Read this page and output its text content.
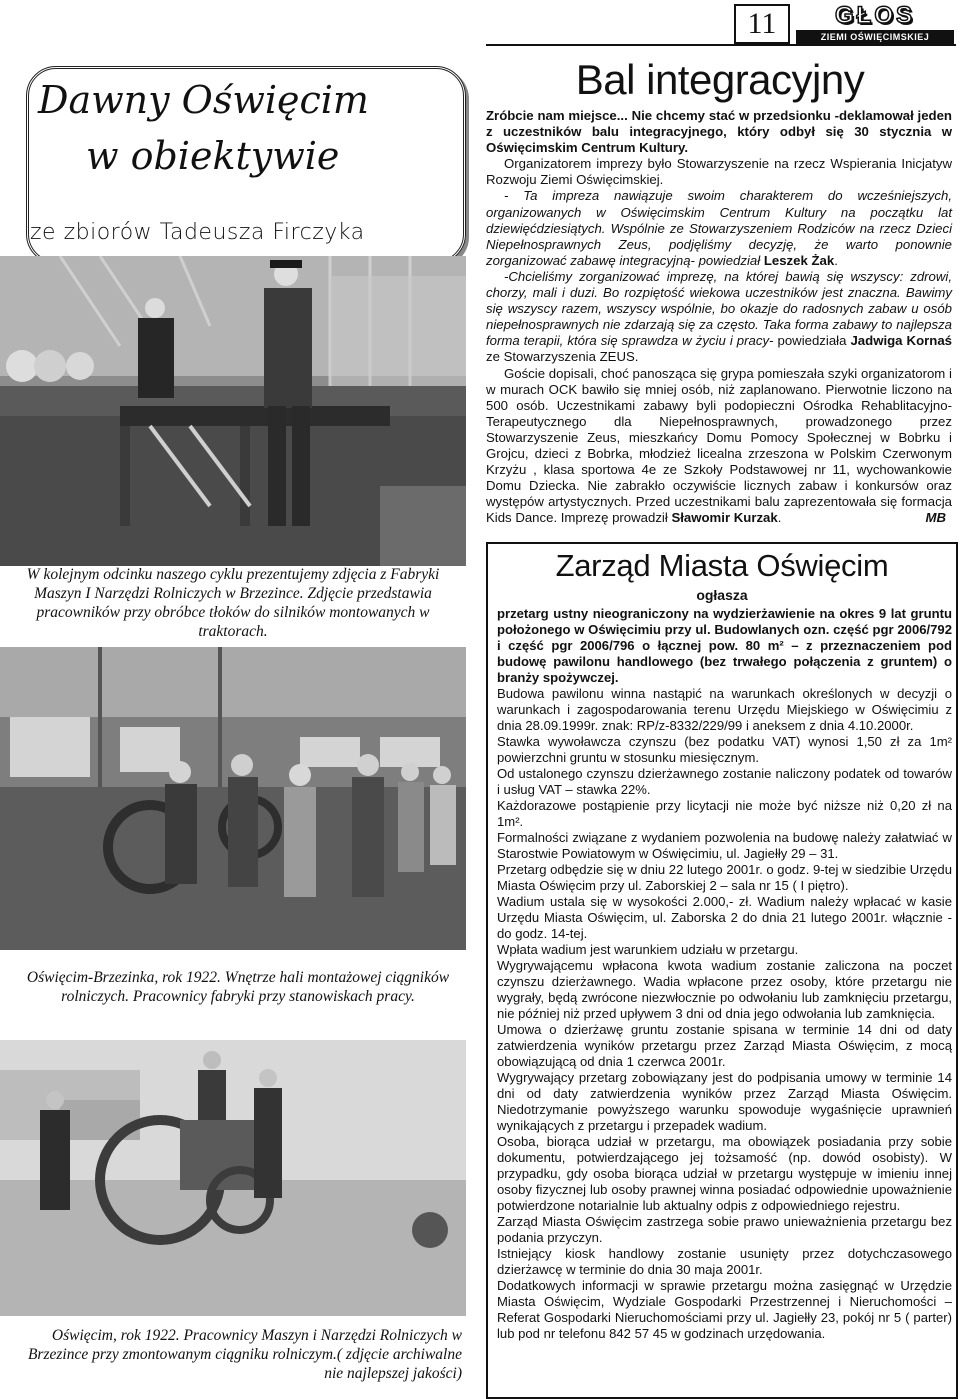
11	GŁOS
ZIEMI OŚWIĘCIMSKIEJ
Dawny Oświęcim
w obiektywie
ze zbiorów Tadeusza Firczyka
W kolejnym odcinku naszego cyklu prezentujemy zdjęcia z Fabryki Maszyn I Narzędzi Rolniczych w Brzezince. Zdjęcie przedstawia pracowników przy obróbce tłoków do silników montowanych w traktorach.
Oświęcim-Brzezinka, rok 1922. Wnętrze hali montażowej ciągników rolniczych. Pracownicy fabryki przy stanowiskach pracy.
Oświęcim, rok 1922. Pracownicy Maszyn i Narzędzi Rolniczych w Brzezince przy zmontowanym ciągniku rolniczym.( zdjęcie archiwalne nie najlepszej jakości)
Bal integracyjny

Zróbcie nam miejsce... Nie chcemy stać w przedsionku -deklamował jeden z uczestników balu integracyjnego, który odbył się 30 stycznia w Oświęcimskim Centrum Kultury.

Organizatorem imprezy było Stowarzyszenie na rzecz Wspierania Inicjatyw Rozwoju Ziemi Oświęcimskiej.

- Ta impreza nawiązuje swoim charakterem do wcześniejszych, organizowanych w Oświęcimskim Centrum Kultury na początku lat dziewięćdziesiątych. Wspólnie ze Stowarzyszeniem Rodziców na rzecz Dzieci Niepełnosprawnych Zeus, podjęliśmy decyzję, że warto ponownie zorganizować zabawę integracyjną- powiedział Leszek Żak.

-Chcieliśmy zorganizować imprezę, na której bawią się wszyscy: zdrowi, chorzy, mali i duzi. Bo rozpiętość wiekowa uczestników jest znaczna. Bawimy się wszyscy razem, wszyscy wspólnie, bo okazje do radosnych zabaw u osób niepełnosprawnych nie zdarzają się za często. Taka forma zabawy to najlepsza forma terapii, która się sprawdza w życiu i pracy- powiedziała Jadwiga Kornaś ze Stowarzyszenia ZEUS.

Goście dopisali, choć panosząca się grypa pomieszała szyki organizatorom i w murach OCK bawiło się mniej osób, niż zaplanowano. Pierwotnie liczono na 500 osób. Uczestnikami zabawy byli podopieczni Ośrodka Rehablitacyjno-Terapeutycznego dla Niepełnosprawnych, prowadzonego przez Stowarzyszenie Zeus, mieszkańcy Domu Pomocy Społecznej w Bobrku i Grojcu, dzieci z Bobrka, młodzież licealna zrzeszona w Polskim Czerwonym Krzyżu , klasa sportowa 4e ze Szkoły Podstawowej nr 11, wychowankowie Domu Dziecka. Nie zabrakło oczywiście licznych zabaw i konkursów oraz występów artystycznych. Przed uczestnikami balu zaprezentowała się formacja Kids Dance. Imprezę prowadził Sławomir Kurzak.	MB

Zarząd Miasta Oświęcim
ogłasza

przetarg ustny nieograniczony na wydzierżawienie na okres 9 lat gruntu położonego w Oświęcimiu przy ul. Budowlanych ozn. część pgr 2006/792 i część pgr 2006/796 o łącznej pow. 80 m² – z przeznaczeniem pod budowę pawilonu handlowego (bez trwałego połączenia z gruntem) o branży spożywczej.

Budowa pawilonu winna nastąpić na warunkach określonych w decyzji o warunkach i zagospodarowania terenu Urzędu Miejskiego w Oświęcimiu z dnia 28.09.1999r. znak: RP/z-8332/229/99 i aneksem z dnia 4.10.2000r.

Stawka wywoławcza czynszu (bez podatku VAT) wynosi 1,50 zł za 1m² powierzchni gruntu w stosunku miesięcznym.

Od ustalonego czynszu dzierżawnego zostanie naliczony podatek od towarów i usług VAT – stawka 22%.

Każdorazowe postąpienie przy licytacji nie może być niższe niż 0,20 zł na 1m².

Formalności związane z wydaniem pozwolenia na budowę należy załatwiać w Starostwie Powiatowym w Oświęcimiu, ul. Jagiełły 29 – 31.

Przetarg odbędzie się w dniu 22 lutego 2001r. o godz. 9-tej w siedzibie Urzędu Miasta Oświęcim przy ul. Zaborskiej 2 – sala nr 15 ( I piętro).

Wadium ustala się w wysokości 2.000,- zł. Wadium należy wpłacać w kasie Urzędu Miasta Oświęcim, ul. Zaborska 2 do dnia 21 lutego 2001r. włącznie - do godz. 14-tej.

Wpłata wadium jest warunkiem udziału w przetargu.

Wygrywającemu wpłacona kwota wadium zostanie zaliczona na poczet czynszu dzierżawnego. Wadia wpłacone przez osoby, które przetargu nie wygrały, będą zwrócone niezwłocznie po odwołaniu lub zamknięciu przetargu, nie później niż przed upływem 3 dni od dnia jego odwołania lub zamknięcia.

Umowa o dzierżawę gruntu zostanie spisana w terminie 14 dni od daty zatwierdzenia wyników przetargu przez Zarząd Miasta Oświęcim, z mocą obowiązującą od dnia 1 czerwca 2001r.

Wygrywający przetarg zobowiązany jest do podpisania umowy w terminie 14 dni od daty zatwierdzenia wyników przez Zarząd Miasta Oświęcim. Niedotrzymanie powyższego warunku spowoduje wygaśnięcie uprawnień wynikających z przetargu i przepadek wadium.

Osoba, biorąca udział w przetargu, ma obowiązek posiadania przy sobie dokumentu, potwierdzającego jej tożsamość (np. dowód osobisty). W przypadku, gdy osoba biorąca udział w przetargu występuje w imieniu innej osoby fizycznej lub osoby prawnej winna posiadać odpowiednie upoważnienie potwierdzone notarialnie lub aktualny odpis z odpowiedniego rejestru.

Zarząd Miasta Oświęcim zastrzega sobie prawo unieważnienia przetargu bez podania przyczyn.

Istniejący kiosk handlowy zostanie usunięty przez dotychczasowego dzierżawcę w terminie do dnia 30 maja 2001r.

Dodatkowych informacji w sprawie przetargu można zasięgnąć w Urzędzie Miasta Oświęcim, Wydziale Gospodarki Przestrzennej i Nieruchomości – Referat Gospodarki Nieruchomościami przy ul. Jagiełły 23, pokój nr 5 ( parter) lub pod nr telefonu 842 57 45 w godzinach urzędowania.
